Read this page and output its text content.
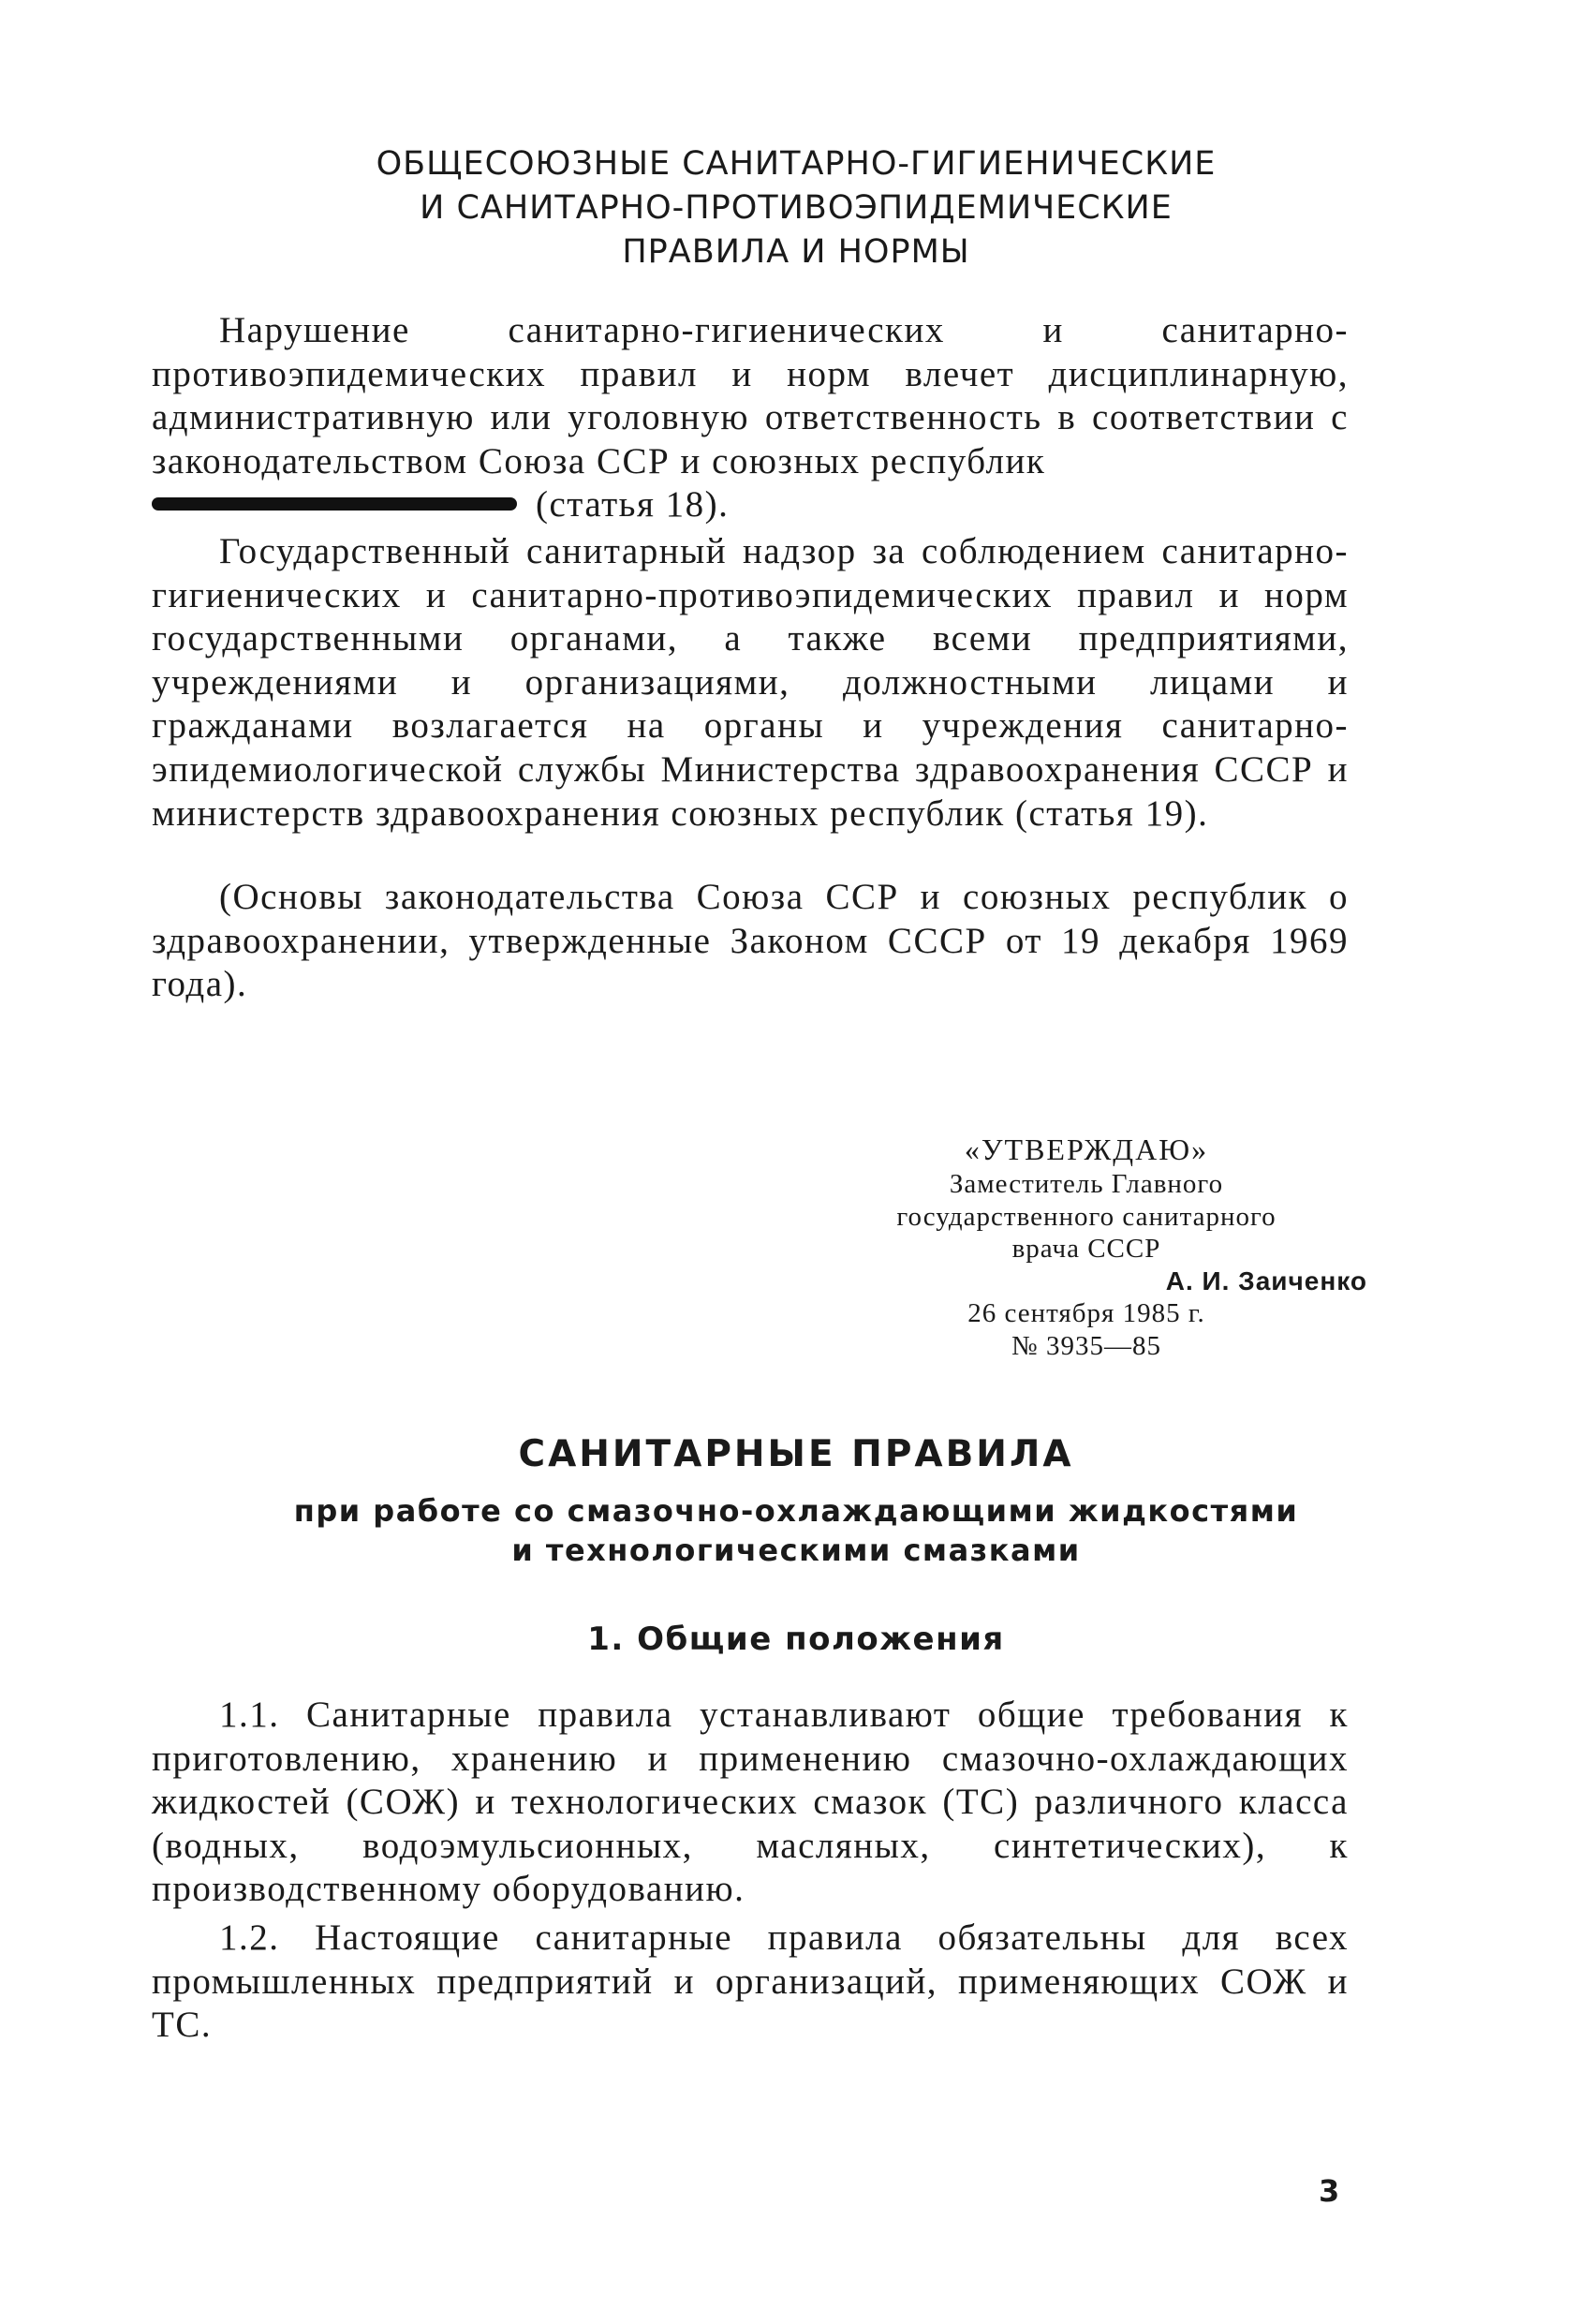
ОБЩЕСОЮЗНЫЕ САНИТАРНО-ГИГИЕНИЧЕСКИЕ
И САНИТАРНО-ПРОТИВОЭПИДЕМИЧЕСКИЕ
ПРАВИЛА И НОРМЫ

Нарушение санитарно-гигиенических и санитарно-противоэпидемических правил и норм влечет дисциплинарную, административную или уголовную ответственность в соответствии с законодательством Союза ССР и союзных республик
(статья 18).

Государственный санитарный надзор за соблюдением санитарно-гигиенических и санитарно-противоэпидемических правил и норм государственными органами, а также всеми предприятиями, учреждениями и организациями, должностными лицами и гражданами возлагается на органы и учреждения санитарно-эпидемиологической службы Министерства здравоохранения СССР и министерств здравоохранения союзных республик (статья 19).

(Основы законодательства Союза ССР и союзных республик о здравоохранении, утвержденные Законом СССР от 19 декабря 1969 года).

«УТВЕРЖДАЮ»
Заместитель Главного
государственного санитарного
врача СССР
А. И. Заиченко
26 сентября 1985 г.
№ 3935—85
САНИТАРНЫЕ ПРАВИЛА
при работе со смазочно-охлаждающими жидкостями
и технологическими смазками
1. Общие положения

1.1. Санитарные правила устанавливают общие требования к приготовлению, хранению и применению смазочно-охлаждающих жидкостей (СОЖ) и технологических смазок (ТС) различного класса (водных, водоэмульсионных, масляных, синтетических), к производственному оборудованию.

1.2. Настоящие санитарные правила обязательны для всех промышленных предприятий и организаций, применяющих СОЖ и ТС.

3
